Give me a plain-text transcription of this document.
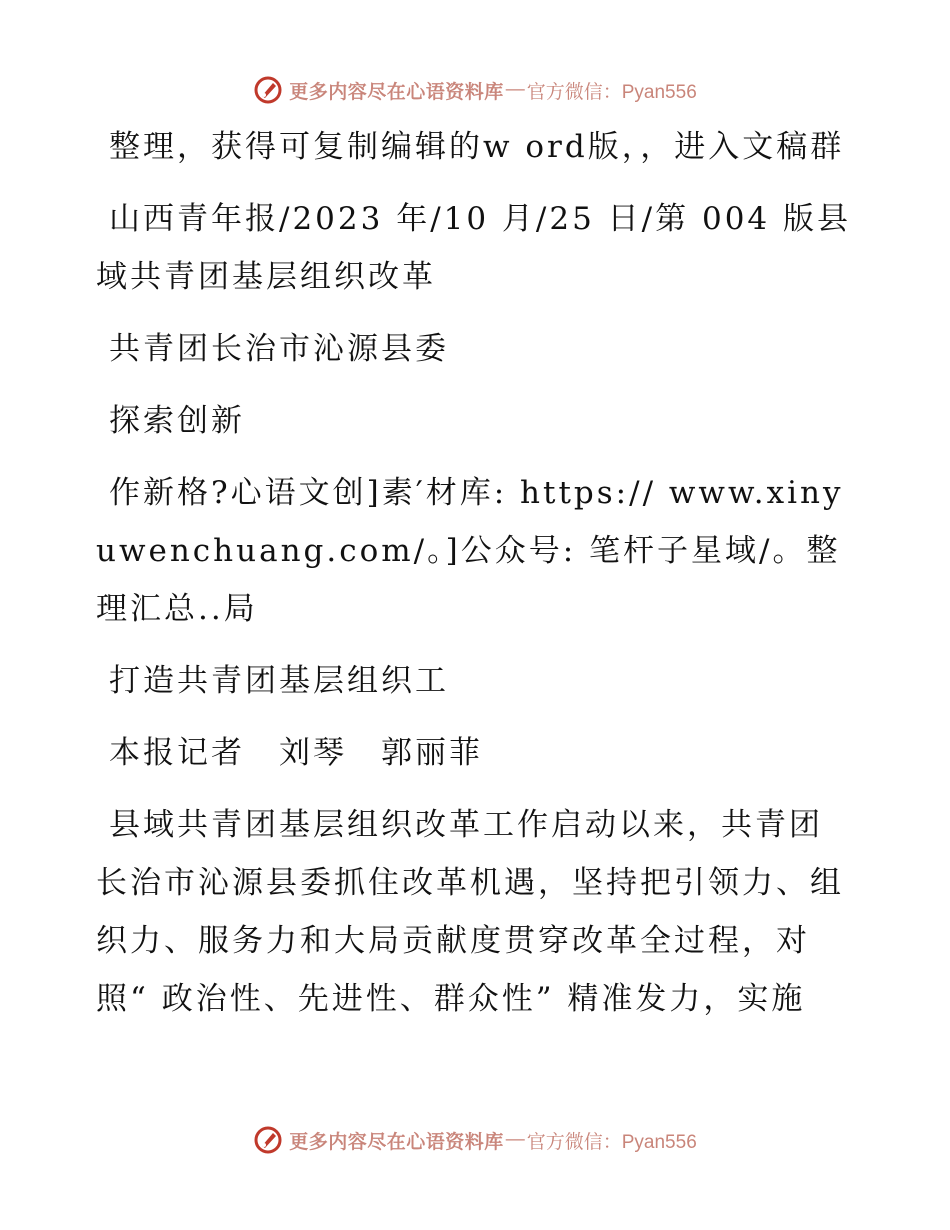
更多内容尽在心语资料库 — 官方微信：Pyan556

整理，获得可复制编辑的w ord版，，进入文稿群

山西青年报/2023 年/10 月/25 日/第 004 版县域共青团基层组织改革

共青团长治市沁源县委

探索创新

作新格?心语文创]素′材库: https:// www.xinyuwenchuang.com/。]公众号: 笔杆子星域/。整理汇总..局

打造共青团基层组织工

本报记者　刘琴　郭丽菲

县域共青团基层组织改革工作启动以来，共青团长治市沁源县委抓住改革机遇，坚持把引领力、组织力、服务力和大局贡献度贯穿改革全过程，对照“ 政治性、先进性、群众性” 精准发力，实施

更多内容尽在心语资料库 — 官方微信：Pyan556
